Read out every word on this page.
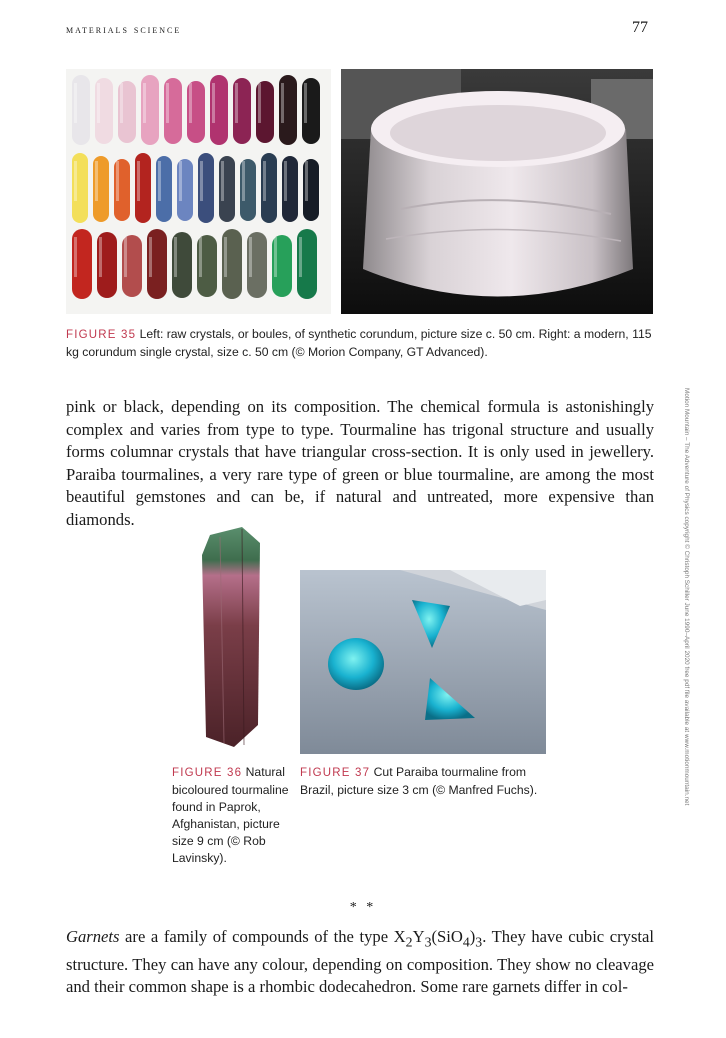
materials science	77
FIGURE 35 Left: raw crystals, or boules, of synthetic corundum, picture size c. 50 cm. Right: a modern, 115 kg corundum single crystal, size c. 50 cm (© Morion Company, GT Advanced).
pink or black, depending on its composition. The chemical formula is astonishingly complex and varies from type to type. Tourmaline has trigonal structure and usually forms columnar crystals that have triangular cross-section. It is only used in jewellery. Paraiba tourmalines, a very rare type of green or blue tourmaline, are among the most beautiful gemstones and can be, if natural and untreated, more expensive than diamonds.
FIGURE 36 Natural bicoloured tourmaline found in Paprok, Afghanistan, picture size 9 cm (© Rob Lavinsky).
FIGURE 37 Cut Paraiba tourmaline from Brazil, picture size 3 cm (© Manfred Fuchs).
* *
Garnets are a family of compounds of the type $X_2Y_3(SiO_4)_3$. They have cubic crystal structure. They can have any colour, depending on composition. They show no cleavage and their common shape is a rhombic dodecahedron. Some rare garnets differ in col-
Motion Mountain – The Adventure of Physics copyright © Christoph Schiller June 1990–April 2020 free pdf file available at www.motionmountain.net
